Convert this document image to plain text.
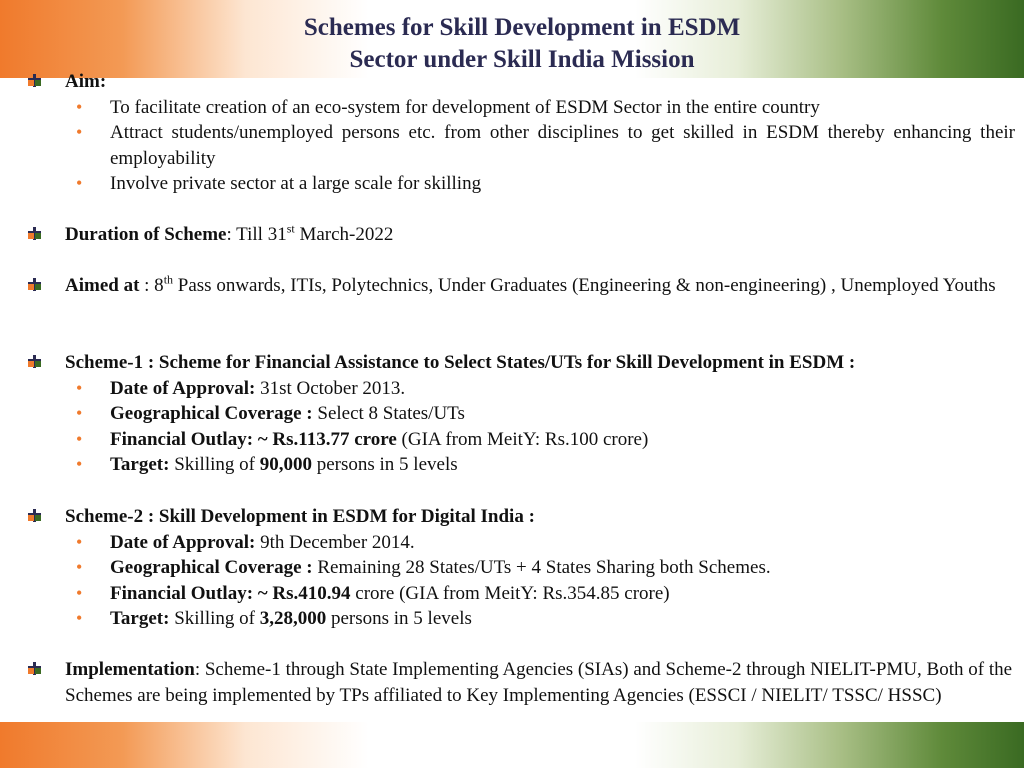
Schemes for Skill Development in ESDM
Sector under Skill India Mission
Aim:
• To facilitate creation of an eco-system for development of ESDM Sector in the entire country
• Attract students/unemployed persons etc. from other disciplines to get skilled in ESDM thereby enhancing their employability
• Involve private sector at a large scale for skilling
Duration of Scheme: Till 31st March-2022
Aimed at : 8th Pass onwards, ITIs, Polytechnics, Under Graduates (Engineering & non-engineering) , Unemployed Youths
Scheme-1 : Scheme for Financial Assistance to Select States/UTs for Skill Development in ESDM :
• Date of Approval: 31st October 2013.
• Geographical Coverage : Select 8 States/UTs
• Financial Outlay: ~ Rs.113.77 crore (GIA from MeitY: Rs.100 crore)
• Target: Skilling of 90,000 persons in 5 levels
Scheme-2 : Skill Development in ESDM for Digital India :
• Date of Approval: 9th December 2014.
• Geographical Coverage : Remaining 28 States/UTs + 4 States Sharing both Schemes.
• Financial Outlay: ~ Rs.410.94 crore (GIA from MeitY: Rs.354.85 crore)
• Target: Skilling of 3,28,000 persons in 5 levels
Implementation: Scheme-1 through State Implementing Agencies (SIAs) and Scheme-2 through NIELIT-PMU, Both of the Schemes are being implemented by TPs affiliated to Key Implementing Agencies (ESSCI / NIELIT/ TSSC/ HSSC)
